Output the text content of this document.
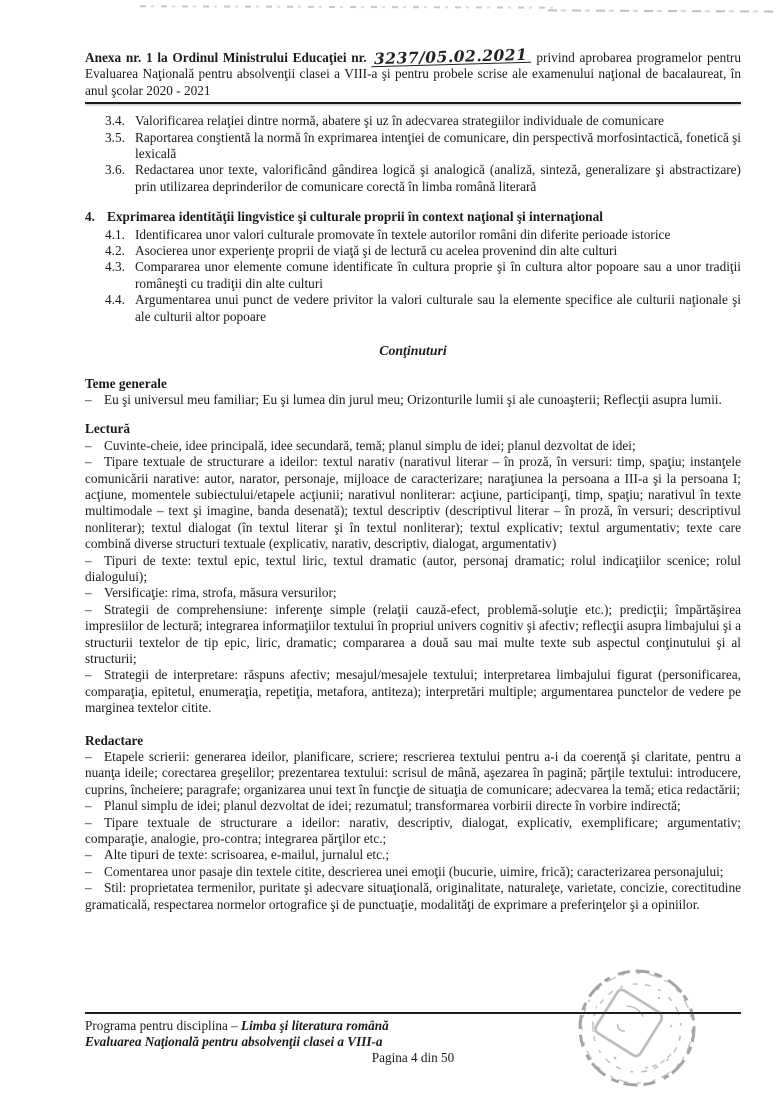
Anexa nr. 1 la Ordinul Ministrului Educaţiei nr. 3237/05.02.2021 privind aprobarea programelor pentru Evaluarea Naţională pentru absolvenţii clasei a VIII-a şi pentru probele scrise ale examenului naţional de bacalaureat, în anul şcolar 2020 - 2021

3.4. Valorificarea relaţiei dintre normă, abatere şi uz în adecvarea strategiilor individuale de comunicare
3.5. Raportarea conştientă la normă în exprimarea intenţiei de comunicare, din perspectivă morfosintactică, fonetică şi lexicală
3.6. Redactarea unor texte, valorificând gândirea logică şi analogică (analiză, sinteză, generalizare şi abstractizare) prin utilizarea deprinderilor de comunicare corectă în limba română literară
4. Exprimarea identităţii lingvistice şi culturale proprii în context naţional şi internaţional
4.1. Identificarea unor valori culturale promovate în textele autorilor români din diferite perioade istorice
4.2. Asocierea unor experienţe proprii de viaţă şi de lectură cu acelea provenind din alte culturi
4.3. Compararea unor elemente comune identificate în cultura proprie şi în cultura altor popoare sau a unor tradiţii româneşti cu tradiţii din alte culturi
4.4. Argumentarea unui punct de vedere privitor la valori culturale sau la elemente specifice ale culturii naţionale şi ale culturii altor popoare

Conţinuturi

Teme generale

– Eu şi universul meu familiar; Eu şi lumea din jurul meu; Orizonturile lumii şi ale cunoaşterii; Reflecţii asupra lumii.

Lectură

– Cuvinte-cheie, idee principală, idee secundară, temă; planul simplu de idei; planul dezvoltat de idei;

– Tipare textuale de structurare a ideilor: textul narativ (narativul literar – în proză, în versuri: timp, spaţiu; instanţele comunicării narative: autor, narator, personaje, mijloace de caracterizare; naraţiunea la persoana a III-a şi la persoana I; acţiune, momentele subiectului/etapele acţiunii; narativul nonliterar: acţiune, participanţi, timp, spaţiu; narativul în texte multimodale – text şi imagine, banda desenată); textul descriptiv (descriptivul literar – în proză, în versuri; descriptivul nonliterar); textul dialogat (în textul literar şi în textul nonliterar); textul explicativ; textul argumentativ; texte care combină diverse structuri textuale (explicativ, narativ, descriptiv, dialogat, argumentativ)

– Tipuri de texte: textul epic, textul liric, textul dramatic (autor, personaj dramatic; rolul indicaţiilor scenice; rolul dialogului);

– Versificaţie: rima, strofa, măsura versurilor;

– Strategii de comprehensiune: inferenţe simple (relaţii cauză-efect, problemă-soluţie etc.); predicţii; împărtăşirea impresiilor de lectură; integrarea informaţiilor textului în propriul univers cognitiv şi afectiv; reflecţii asupra limbajului şi a structurii textelor de tip epic, liric, dramatic; compararea a două sau mai multe texte sub aspectul conţinutului şi al structurii;

– Strategii de interpretare: răspuns afectiv; mesajul/mesajele textului; interpretarea limbajului figurat (personificarea, comparaţia, epitetul, enumeraţia, repetiţia, metafora, antiteza); interpretări multiple; argumentarea punctelor de vedere pe marginea textelor citite.

Redactare

– Etapele scrierii: generarea ideilor, planificare, scriere; rescrierea textului pentru a-i da coerenţă şi claritate, pentru a nuanţa ideile; corectarea greşelilor; prezentarea textului: scrisul de mână, aşezarea în pagină; părţile textului: introducere, cuprins, încheiere; paragrafe; organizarea unui text în funcţie de situaţia de comunicare; adecvarea la temă; etica redactării;

– Planul simplu de idei; planul dezvoltat de idei; rezumatul; transformarea vorbirii directe în vorbire indirectă;

– Tipare textuale de structurare a ideilor: narativ, descriptiv, dialogat, explicativ, exemplificare; argumentativ; comparaţie, analogie, pro-contra; integrarea părţilor etc.;

– Alte tipuri de texte: scrisoarea, e-mailul, jurnalul etc.;

– Comentarea unor pasaje din textele citite, descrierea unei emoţii (bucurie, uimire, frică); caracterizarea personajului;

– Stil: proprietatea termenilor, puritate şi adecvare situaţională, originalitate, naturaleţe, varietate, concizie, corectitudine gramaticală, respectarea normelor ortografice şi de punctuaţie, modalităţi de exprimare a preferinţelor şi a opiniilor.

Programa pentru disciplina – Limba şi literatura română

Evaluarea Naţională pentru absolvenţii clasei a VIII-a

Pagina 4 din 50
